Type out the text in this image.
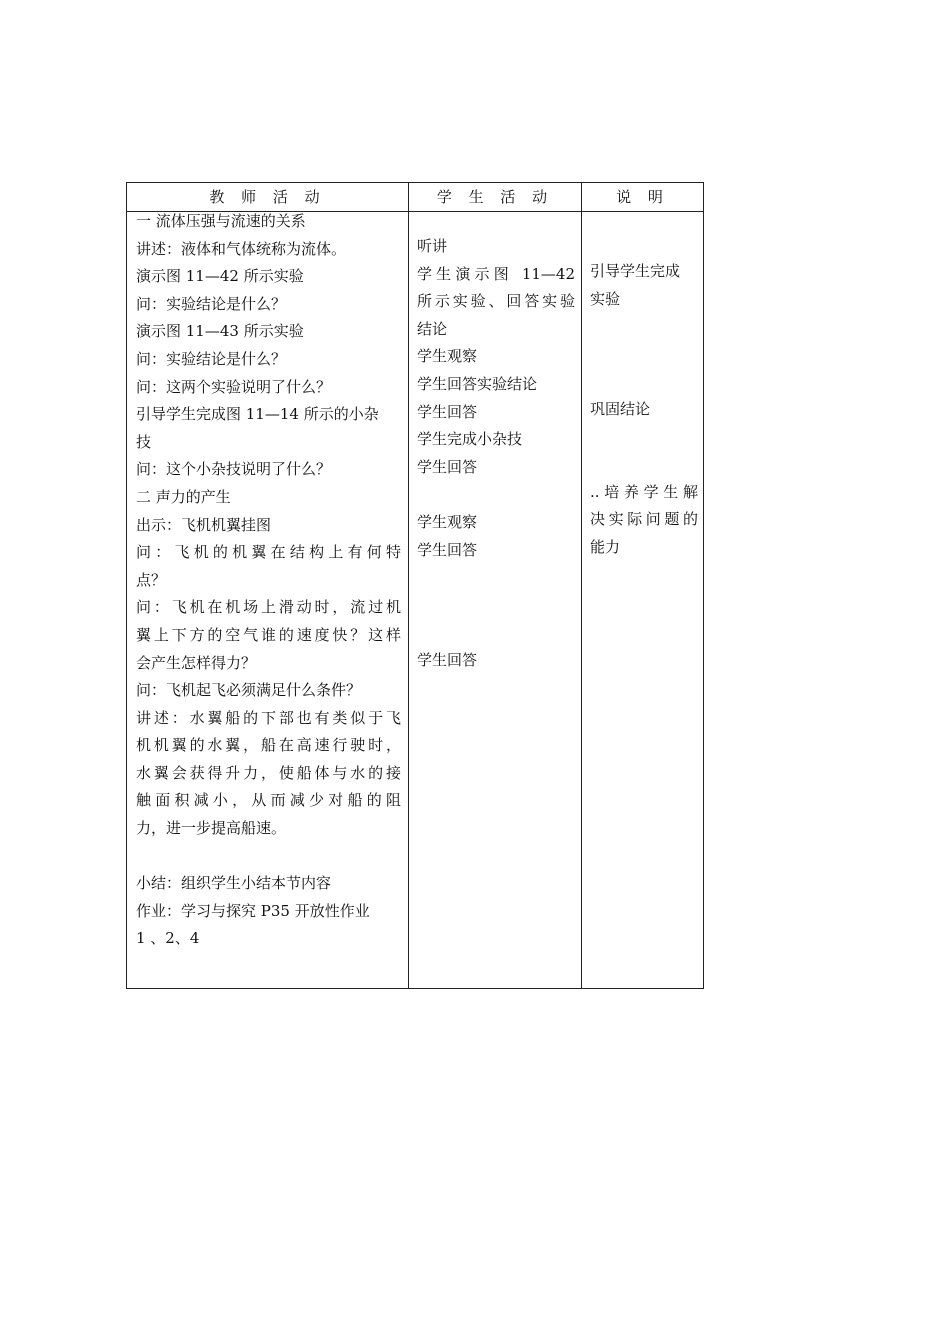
教 师 活 动	学 生 活 动	说 明

一 流体压强与流速的关系

讲述：液体和气体统称为流体。

演示图 11—42 所示实验

问：实验结论是什么？

演示图 11—43 所示实验

问：实验结论是什么？

问：这两个实验说明了什么？

引导学生完成图 11—14 所示的小杂

技

问：这个小杂技说明了什么？

二 声力的产生

出示：飞机机翼挂图

问：飞机的机翼在结构上有何特

点？

问：飞机在机场上滑动时，流过机

翼上下方的空气谁的速度快？这样

会产生怎样得力？

问：飞机起飞必须满足什么条件？

讲述：水翼船的下部也有类似于飞

机机翼的水翼，船在高速行驶时，

水翼会获得升力，使船体与水的接

触面积减小，从而减少对船的阻

力，进一步提高船速。

小结：组织学生小结本节内容

作业：学习与探究 P35 开放性作业

1 、2、4

听讲

学生演示图 11—42

所示实验、回答实验

结论

学生观察

学生回答实验结论

学生回答

学生完成小杂技

学生回答

学生观察

学生回答

学生回答

引导学生完成

实验

巩固结论

..培养学生解

决实际问题的

能力
